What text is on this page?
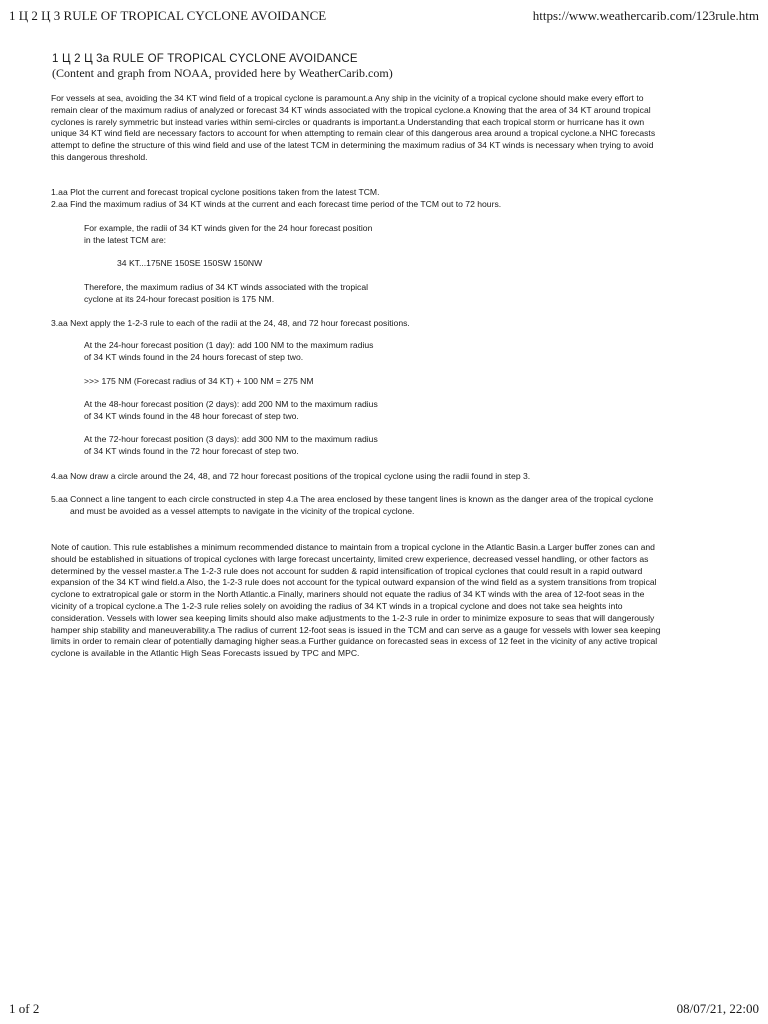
1 Ц 2 Ц 3 RULE OF TROPICAL CYCLONE AVOIDANCE	https://www.weathercarib.com/123rule.htm
1 Ц 2 Ц 3a RULE OF TROPICAL CYCLONE AVOIDANCE
(Content and graph from NOAA, provided here by WeatherCarib.com)
For vessels at sea, avoiding the 34 KT wind field of a tropical cyclone is paramount.a Any ship in the vicinity of a tropical cyclone should make every effort to
remain clear of the maximum radius of analyzed or forecast 34 KT winds associated with the tropical cyclone.a Knowing that the area of 34 KT around tropical
cyclones is rarely symmetric but instead varies within semi-circles or quadrants is important.a Understanding that each tropical storm or hurricane has it own
unique 34 KT wind field are necessary factors to account for when attempting to remain clear of this dangerous area around a tropical cyclone.a NHC forecasts
attempt to define the structure of this wind field and use of the latest TCM in determining the maximum radius of 34 KT winds is necessary when trying to avoid
this dangerous threshold.
1.aa Plot the current and forecast tropical cyclone positions taken from the latest TCM.
2.aa Find the maximum radius of 34 KT winds at the current and each forecast time period of the TCM out to 72 hours.
For example, the radii of 34 KT winds given for the 24 hour forecast position
in the latest TCM are:
34 KT...175NE 150SE 150SW 150NW
Therefore, the maximum radius of 34 KT winds associated with the tropical
cyclone at its 24-hour forecast position is 175 NM.
3.aa Next apply the 1-2-3 rule to each of the radii at the 24, 48, and 72 hour forecast positions.
At the 24-hour forecast position (1 day): add 100 NM to the maximum radius
of 34 KT winds found in the 24 hours forecast of step two.
>>> 175 NM (Forecast radius of 34 KT) + 100 NM = 275 NM
At the 48-hour forecast position (2 days): add 200 NM to the maximum radius
of 34 KT winds found in the 48 hour forecast of step two.
At the 72-hour forecast position (3 days): add 300 NM to the maximum radius
of 34 KT winds found in the 72 hour forecast of step two.
4.aa Now draw a circle around the 24, 48, and 72 hour forecast positions of the tropical cyclone using the radii found in step 3.
5.aa Connect a line tangent to each circle constructed in step 4.a The area enclosed by these tangent lines is known as the danger area of the tropical cyclone
and must be avoided as a vessel attempts to navigate in the vicinity of the tropical cyclone.
Note of caution. This rule establishes a minimum recommended distance to maintain from a tropical cyclone in the Atlantic Basin.a Larger buffer zones can and
should be established in situations of tropical cyclones with large forecast uncertainty, limited crew experience, decreased vessel handling, or other factors as
determined by the vessel master.a The 1-2-3 rule does not account for sudden & rapid intensification of tropical cyclones that could result in a rapid outward
expansion of the 34 KT wind field.a Also, the 1-2-3 rule does not account for the typical outward expansion of the wind field as a system transitions from tropical
cyclone to extratropical gale or storm in the North Atlantic.a Finally, mariners should not equate the radius of 34 KT winds with the area of 12-foot seas in the
vicinity of a tropical cyclone.a The 1-2-3 rule relies solely on avoiding the radius of 34 KT winds in a tropical cyclone and does not take sea heights into
consideration. Vessels with lower sea keeping limits should also make adjustments to the 1-2-3 rule in order to minimize exposure to seas that will dangerously
hamper ship stability and maneuverability.a The radius of current 12-foot seas is issued in the TCM and can serve as a gauge for vessels with lower sea keeping
limits in order to remain clear of potentially damaging higher seas.a Further guidance on forecasted seas in excess of 12 feet in the vicinity of any active tropical
cyclone is available in the Atlantic High Seas Forecasts issued by TPC and MPC.
1 of 2	08/07/21, 22:00
